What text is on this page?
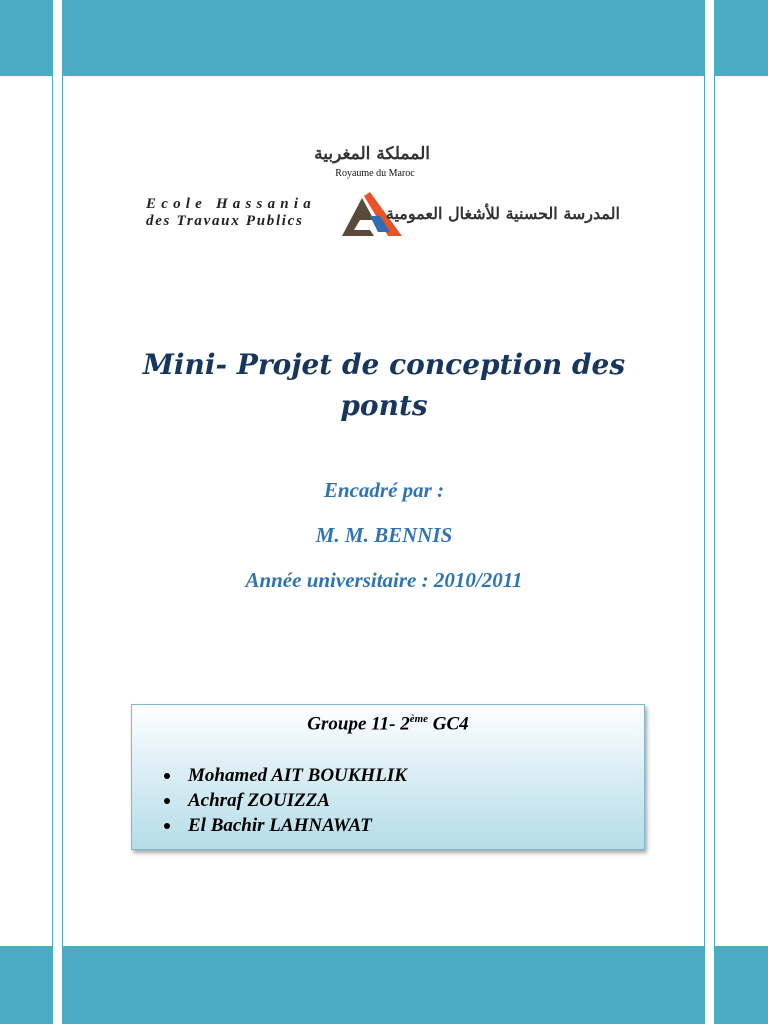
المملكة المغربية
Royaume du Maroc
Ecole Hassania
des Travaux Publics	المدرسة الحسنية للأشغال العمومية
Mini- Projet de conception des ponts
Encadré par :
M. M. BENNIS
Année universitaire : 2010/2011
Groupe 11- 2ème GC4
Mohamed AIT BOUKHLIK
Achraf ZOUIZZA
El Bachir LAHNAWAT
